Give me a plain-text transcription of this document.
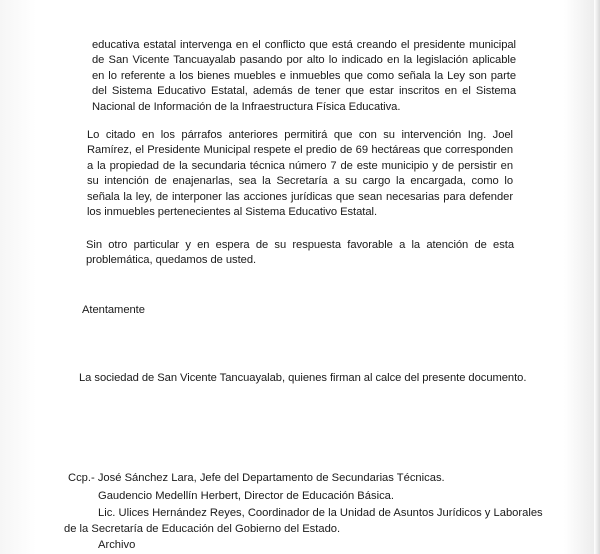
educativa estatal intervenga en el conflicto que está creando el presidente municipal de San Vicente Tancuayalab pasando por alto lo indicado en la legislación aplicable en lo referente a los bienes muebles e inmuebles que como señala la Ley son parte del Sistema Educativo Estatal, además de tener que estar inscritos en el Sistema Nacional de Información de la Infraestructura Física Educativa.
Lo citado en los párrafos anteriores permitirá que con su intervención Ing. Joel Ramírez, el Presidente Municipal respete el predio de 69 hectáreas que corresponden a la propiedad de la secundaria técnica número 7 de este municipio y de persistir en su intención de enajenarlas, sea la Secretaría a su cargo la encargada, como lo señala la ley, de interponer las acciones jurídicas que sean necesarias para defender los inmuebles pertenecientes al Sistema Educativo Estatal.
Sin otro particular y en espera de su respuesta favorable a la atención de esta problemática, quedamos de usted.
Atentamente
La sociedad de San Vicente Tancuayalab, quienes firman al calce del presente documento.
Ccp.- José Sánchez Lara, Jefe del Departamento de Secundarias Técnicas.
Gaudencio Medellín Herbert, Director de Educación Básica.
Lic. Ulices Hernández Reyes, Coordinador de la Unidad de Asuntos Jurídicos y Laborales
de la Secretaría de Educación del Gobierno del Estado.
Archivo
